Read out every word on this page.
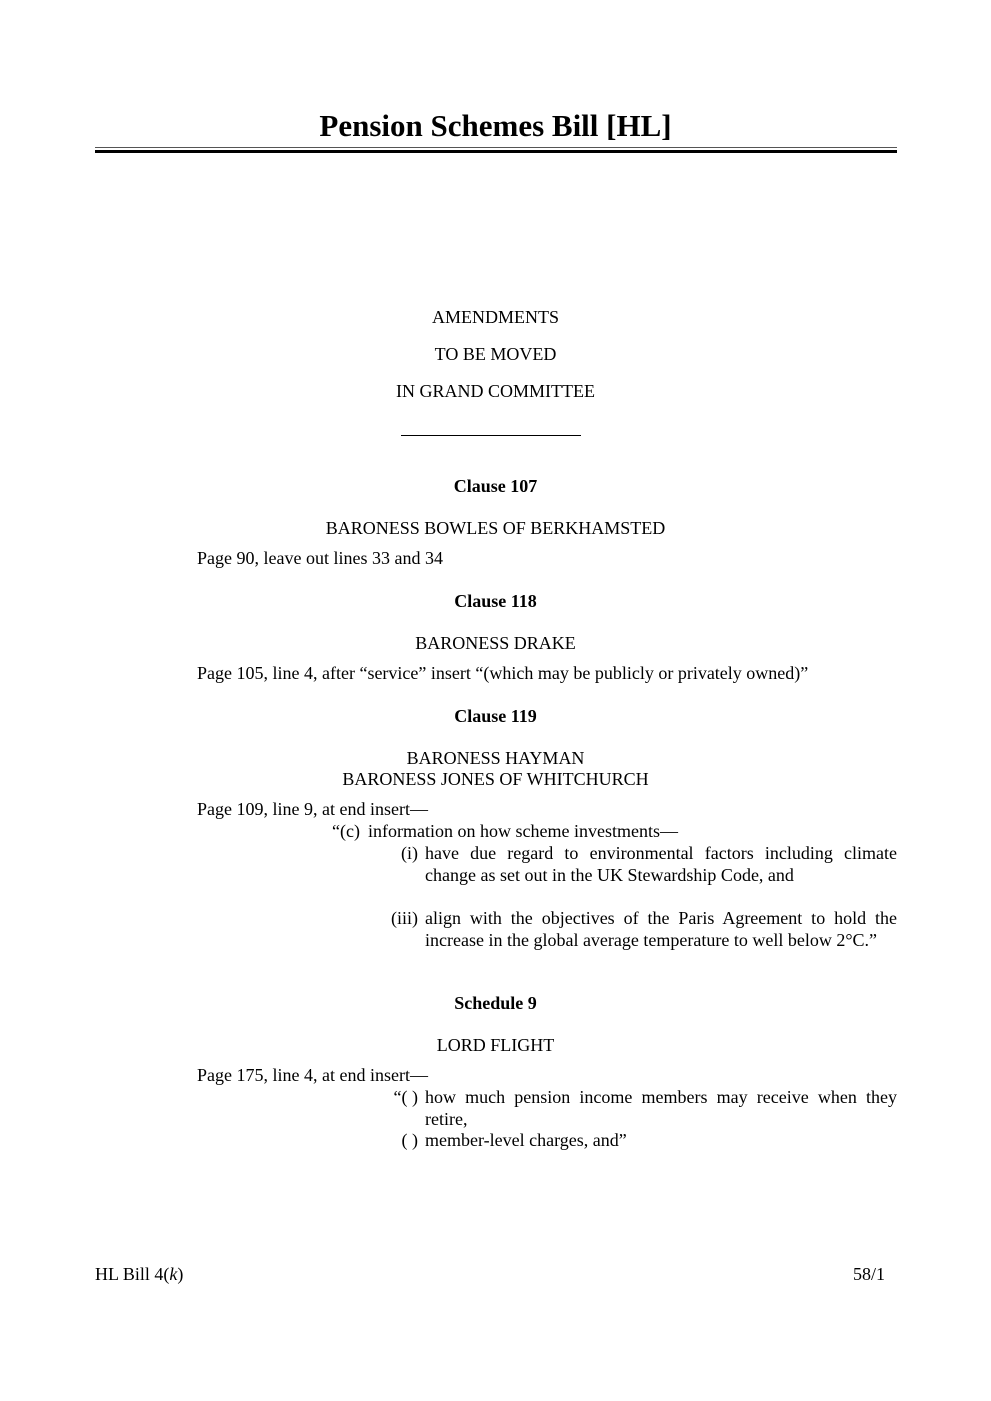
Pension Schemes Bill [HL]
AMENDMENTS
TO BE MOVED
IN GRAND COMMITTEE
Clause 107
BARONESS BOWLES OF BERKHAMSTED
Page 90, leave out lines 33 and 34
Clause 118
BARONESS DRAKE
Page 105, line 4, after “service” insert “(which may be publicly or privately owned)”
Clause 119
BARONESS HAYMAN
BARONESS JONES OF WHITCHURCH
Page 109, line 9, at end insert—
“(c) information on how scheme investments—
(i) have due regard to environmental factors including climate change as set out in the UK Stewardship Code, and
(iii) align with the objectives of the Paris Agreement to hold the increase in the global average temperature to well below 2°C.”
Schedule 9
LORD FLIGHT
Page 175, line 4, at end insert—
“( ) how much pension income members may receive when they retire,
( ) member-level charges, and”
HL Bill 4(k)	58/1
